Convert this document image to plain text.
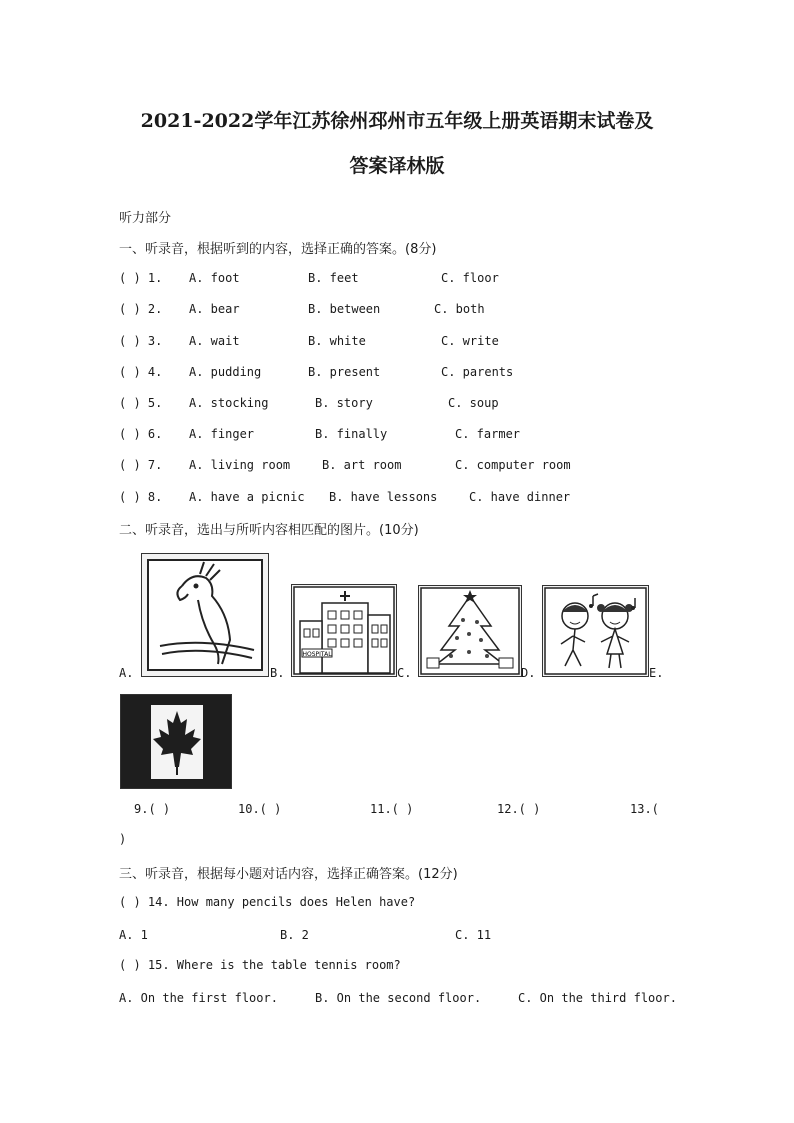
2021-2022学年江苏徐州邳州市五年级上册英语期末试卷及
答案译林版
听力部分
一、听录音，根据听到的内容，选择正确的答案。(8分)
( ) 1. A. foot	B. feet	C. floor
( ) 2. A. bear	B. between	C. both
( ) 3. A. wait	B. white	C. write
( ) 4. A. pudding	B. present	C. parents
( ) 5. A. stocking	B. story	C. soup
( ) 6. A. finger	B. finally	C. farmer
( ) 7. A. living room	B. art room	C. computer room
( ) 8. A. have a picnic B. have lessons	C. have dinner
二、听录音，选出与所听内容相匹配的图片。(10分)
A.
HOSPITAL
B.	C.	D.	E.
9.( )	10.( )	11.( )	12.( )	13.(
)
三、听录音，根据每小题对话内容，选择正确答案。(12分)
( ) 14. How many pencils does Helen have?
A. 1	B. 2	C. 11
( ) 15. Where is the table tennis room?
A. On the first floor.	B. On the second floor.	C. On the third floor.
